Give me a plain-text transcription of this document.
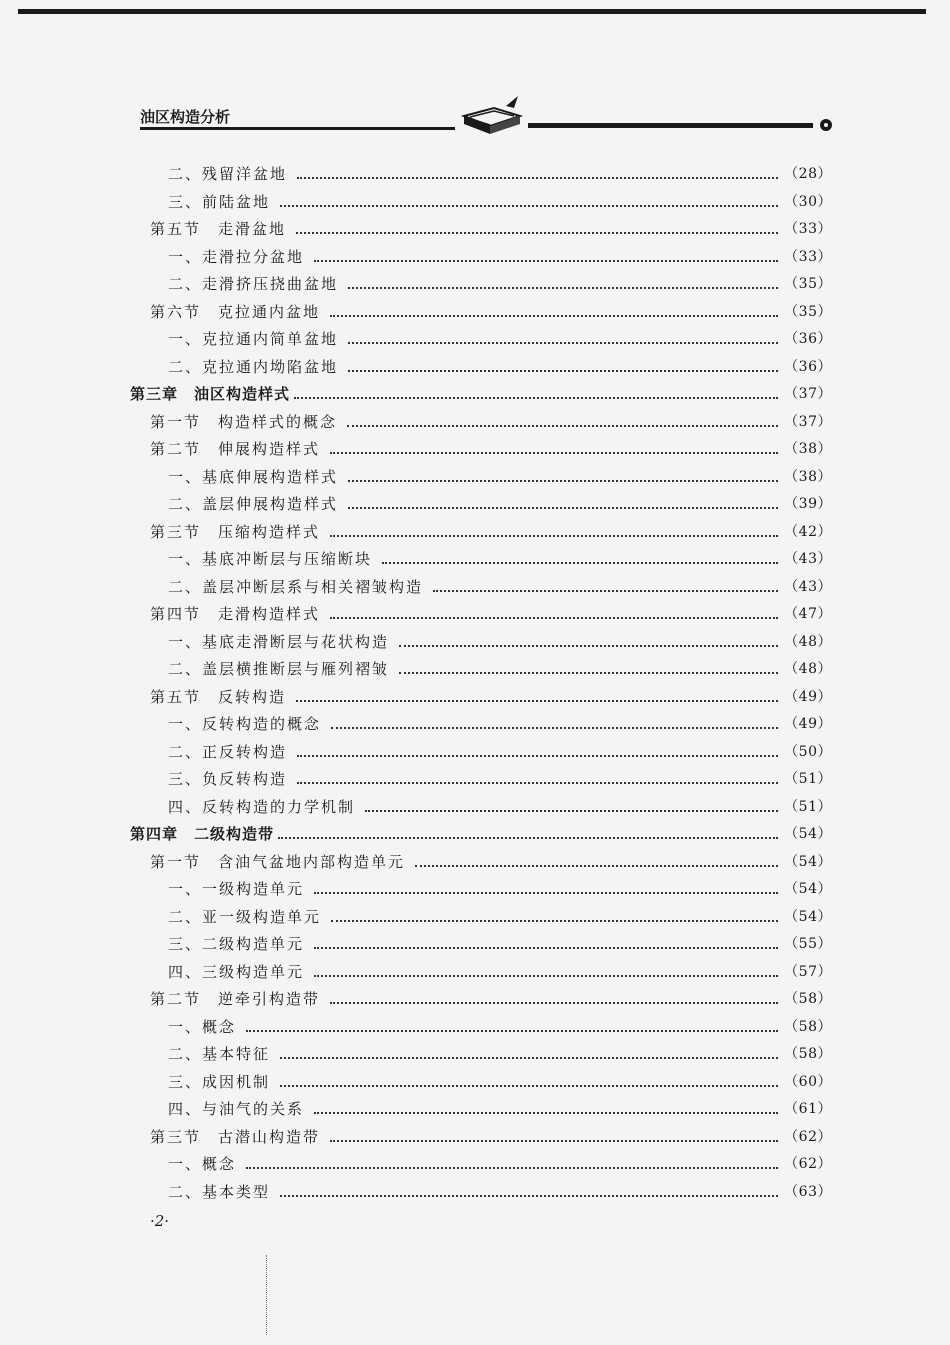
油区构造分析
二、残留洋盆地	（28）
三、前陆盆地	（30）
第五节　走滑盆地	（33）
一、走滑拉分盆地	（33）
二、走滑挤压挠曲盆地	（35）
第六节　克拉通内盆地	（35）
一、克拉通内简单盆地	（36）
二、克拉通内坳陷盆地	（36）
第三章　油区构造样式	（37）
第一节　构造样式的概念	（37）
第二节　伸展构造样式	（38）
一、基底伸展构造样式	（38）
二、盖层伸展构造样式	（39）
第三节　压缩构造样式	（42）
一、基底冲断层与压缩断块	（43）
二、盖层冲断层系与相关褶皱构造	（43）
第四节　走滑构造样式	（47）
一、基底走滑断层与花状构造	（48）
二、盖层横推断层与雁列褶皱	（48）
第五节　反转构造	（49）
一、反转构造的概念	（49）
二、正反转构造	（50）
三、负反转构造	（51）
四、反转构造的力学机制	（51）
第四章　二级构造带	（54）
第一节　含油气盆地内部构造单元	（54）
一、一级构造单元	（54）
二、亚一级构造单元	（54）
三、二级构造单元	（55）
四、三级构造单元	（57）
第二节　逆牵引构造带	（58）
一、概念	（58）
二、基本特征	（58）
三、成因机制	（60）
四、与油气的关系	（61）
第三节　古潜山构造带	（62）
一、概念	（62）
二、基本类型	（63）
·2·
